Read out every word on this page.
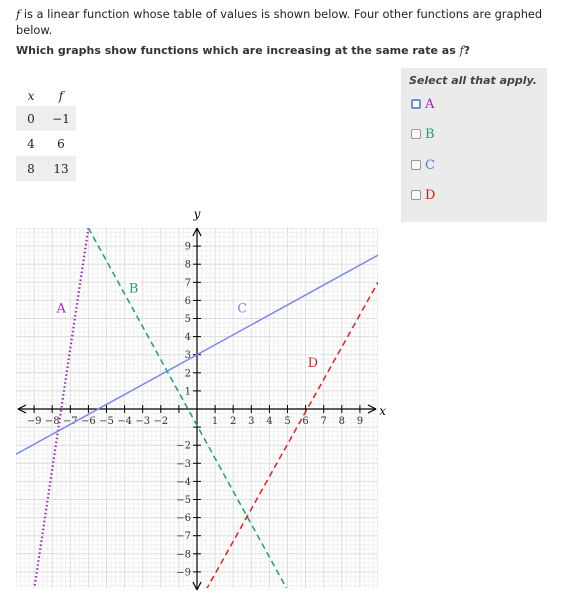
f is a linear function whose table of values is shown below. Four other functions are graphed below.
Which graphs show functions which are increasing at the same rate as f?
x	f
0	−1
4	6
8	13
Select all that apply.
A
B
C
D
−9 −8 −7 −6 −5 −4 −3 −2	1 2 3 4 5 6 7 8 9
9
8
7
6
5
4
3
2
1
−2
−3
−4
−5
−6
−7
−8
−9
x
y
A
B
C
D
